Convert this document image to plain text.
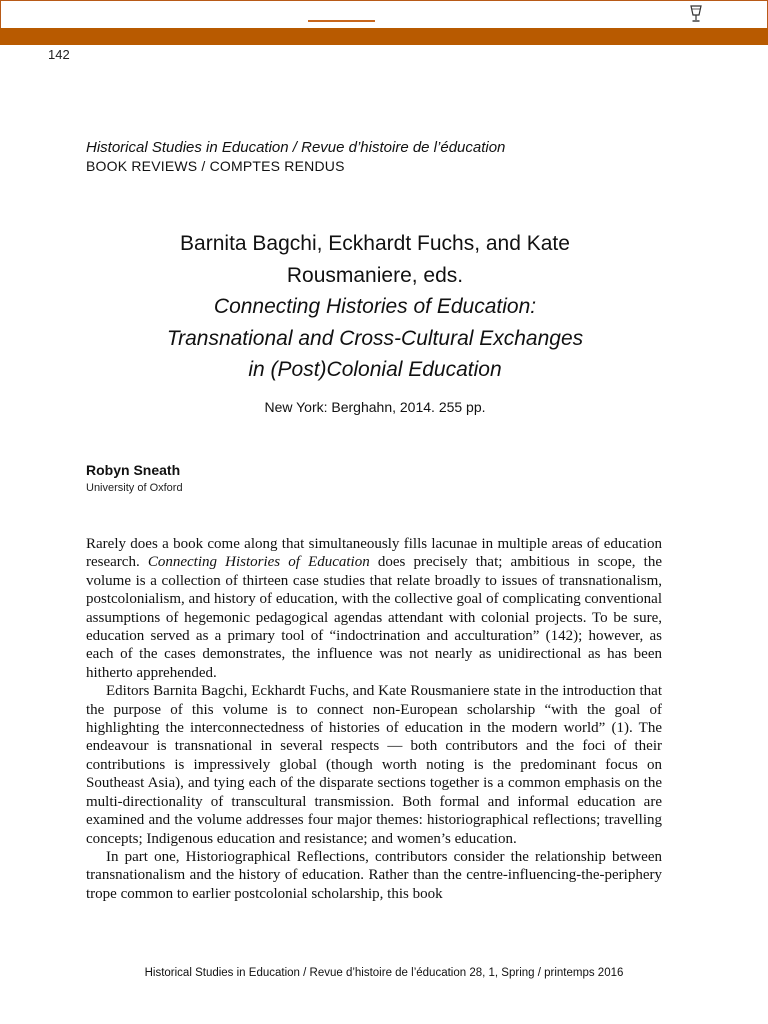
142
Historical Studies in Education / Revue d’histoire de l’éducation
BOOK REVIEWS / COMPTES RENDUS
Barnita Bagchi, Eckhardt Fuchs, and Kate
Rousmaniere, eds.
Connecting Histories of Education:
Transnational and Cross-Cultural Exchanges
in (Post)Colonial Education
New York: Berghahn, 2014. 255 pp.
Robyn Sneath
University of Oxford

Rarely does a book come along that simultaneously fills lacunae in multiple areas of education research. Connecting Histories of Education does precisely that; ambitious in scope, the volume is a collection of thirteen case studies that relate broadly to issues of transnationalism, postcolonialism, and history of education, with the collective goal of complicating conventional assumptions of hegemonic pedagogical agendas attendant with colonial projects. To be sure, education served as a primary tool of “indoctrination and acculturation” (142); however, as each of the cases demonstrates, the influence was not nearly as unidirectional as has been hitherto apprehended.

Editors Barnita Bagchi, Eckhardt Fuchs, and Kate Rousmaniere state in the introduction that the purpose of this volume is to connect non-European scholarship “with the goal of highlighting the interconnectedness of histories of education in the modern world” (1). The endeavour is transnational in several respects — both contributors and the foci of their contributions is impressively global (though worth noting is the predominant focus on Southeast Asia), and tying each of the disparate sections together is a common emphasis on the multi-directionality of transcultural transmission. Both formal and informal education are examined and the volume addresses four major themes: historiographical reflections; travelling concepts; Indigenous education and resistance; and women’s education.

In part one, Historiographical Reflections, contributors consider the relationship between transnationalism and the history of education. Rather than the centre-influencing-the-periphery trope common to earlier postcolonial scholarship, this book

Historical Studies in Education / Revue d’histoire de l’éducation 28, 1, Spring / printemps 2016
